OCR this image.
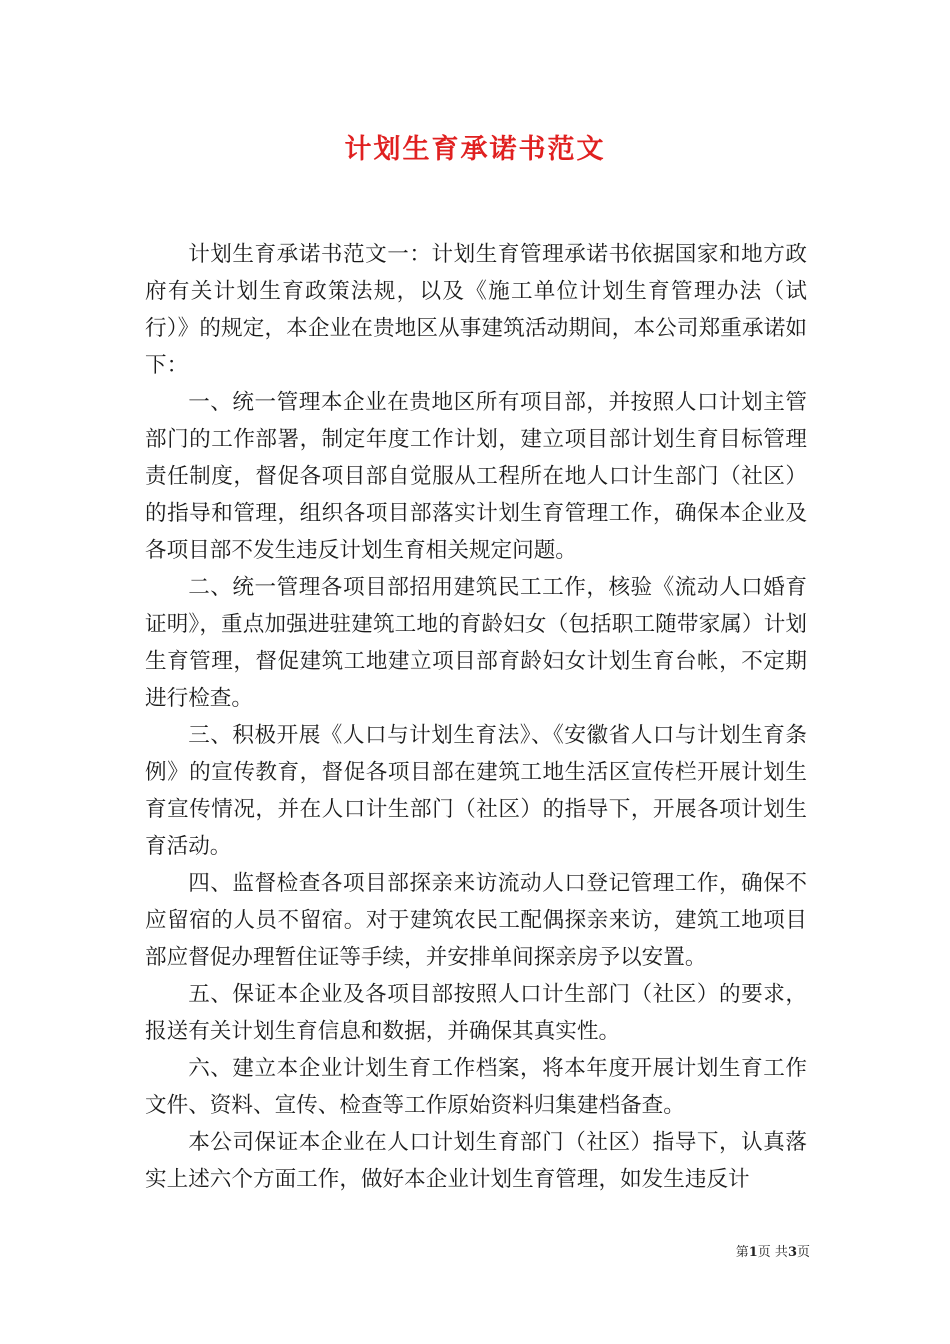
计划生育承诺书范文

计划生育承诺书范文一：计划生育管理承诺书依据国家和地方政府有关计划生育政策法规，以及《施工单位计划生育管理办法（试行）》的规定，本企业在贵地区从事建筑活动期间，本公司郑重承诺如下：

一、统一管理本企业在贵地区所有项目部，并按照人口计划主管部门的工作部署，制定年度工作计划，建立项目部计划生育目标管理责任制度，督促各项目部自觉服从工程所在地人口计生部门（社区）的指导和管理，组织各项目部落实计划生育管理工作，确保本企业及各项目部不发生违反计划生育相关规定问题。

二、统一管理各项目部招用建筑民工工作，核验《流动人口婚育证明》，重点加强进驻建筑工地的育龄妇女（包括职工随带家属）计划生育管理，督促建筑工地建立项目部育龄妇女计划生育台帐，不定期进行检查。

三、积极开展《人口与计划生育法》、《安徽省人口与计划生育条例》的宣传教育，督促各项目部在建筑工地生活区宣传栏开展计划生育宣传情况，并在人口计生部门（社区）的指导下，开展各项计划生育活动。

四、监督检查各项目部探亲来访流动人口登记管理工作，确保不应留宿的人员不留宿。对于建筑农民工配偶探亲来访，建筑工地项目部应督促办理暂住证等手续，并安排单间探亲房予以安置。

五、保证本企业及各项目部按照人口计生部门（社区）的要求，报送有关计划生育信息和数据，并确保其真实性。

六、建立本企业计划生育工作档案，将本年度开展计划生育工作文件、资料、宣传、检查等工作原始资料归集建档备查。

本公司保证本企业在人口计划生育部门（社区）指导下，认真落实上述六个方面工作，做好本企业计划生育管理，如发生违反计

第1页 共3页
